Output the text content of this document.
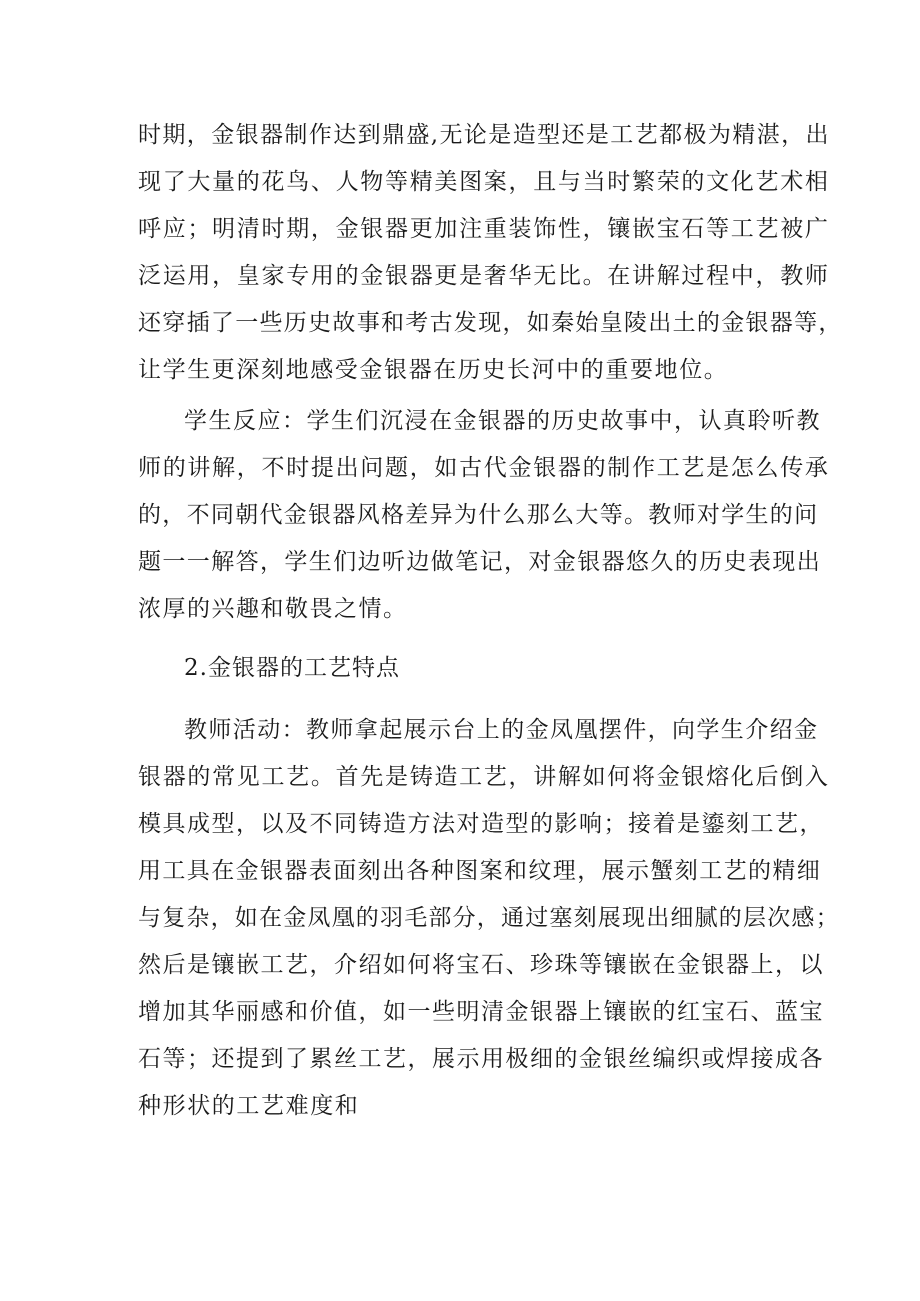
时期，金银器制作达到鼎盛,无论是造型还是工艺都极为精湛，出
现了大量的花鸟、人物等精美图案，且与当时繁荣的文化艺术相
呼应；明清时期，金银器更加注重装饰性，镶嵌宝石等工艺被广
泛运用，皇家专用的金银器更是奢华无比。在讲解过程中，教师
还穿插了一些历史故事和考古发现，如秦始皇陵出土的金银器等，
让学生更深刻地感受金银器在历史长河中的重要地位。
学生反应：学生们沉浸在金银器的历史故事中，认真聆听教
师的讲解，不时提出问题，如古代金银器的制作工艺是怎么传承
的，不同朝代金银器风格差异为什么那么大等。教师对学生的问
题一一解答，学生们边听边做笔记，对金银器悠久的历史表现出
浓厚的兴趣和敬畏之情。
2.金银器的工艺特点
教师活动：教师拿起展示台上的金凤凰摆件，向学生介绍金
银器的常见工艺。首先是铸造工艺，讲解如何将金银熔化后倒入
模具成型，以及不同铸造方法对造型的影响；接着是鎏刻工艺，
用工具在金银器表面刻出各种图案和纹理，展示蟹刻工艺的精细
与复杂，如在金凤凰的羽毛部分，通过塞刻展现出细腻的层次感；
然后是镶嵌工艺，介绍如何将宝石、珍珠等镶嵌在金银器上，以
增加其华丽感和价值，如一些明清金银器上镶嵌的红宝石、蓝宝
石等；还提到了累丝工艺，展示用极细的金银丝编织或焊接成各
种形状的工艺难度和
